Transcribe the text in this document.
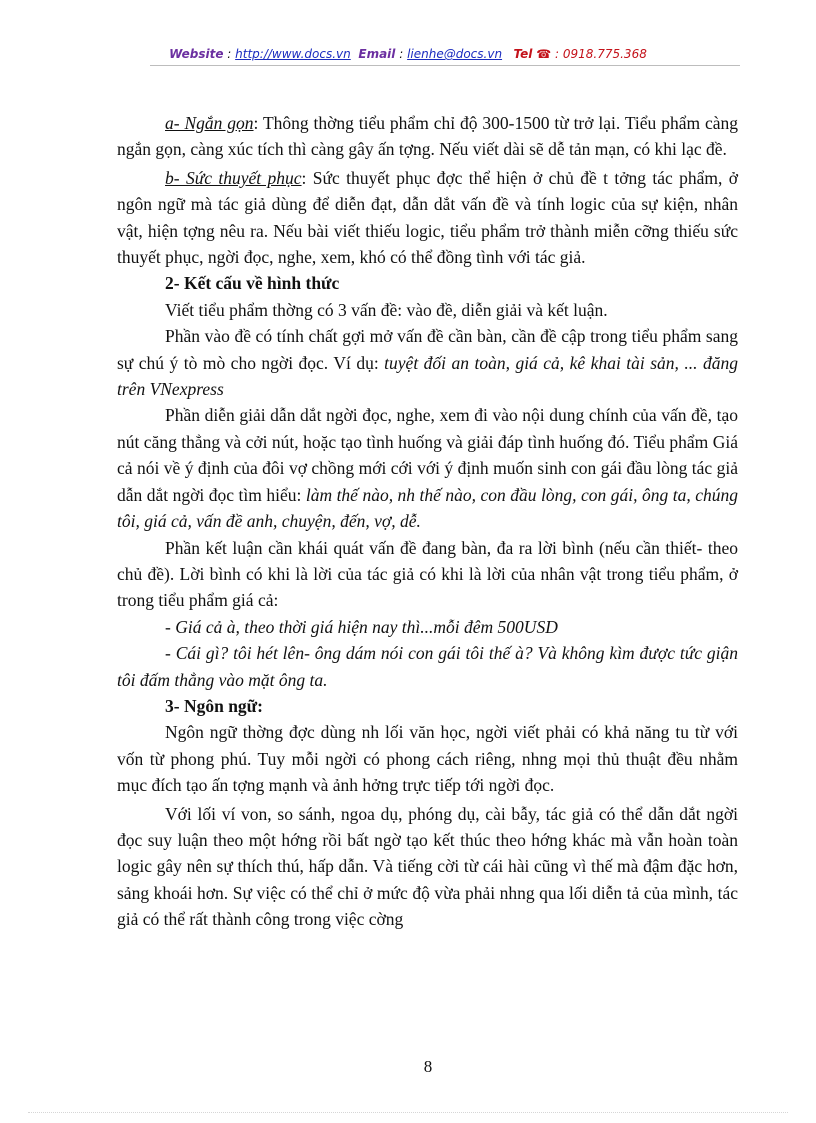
Website : http://www.docs.vn Email : lienhe@docs.vn Tel ☎ : 0918.775.368

a- Ngắn gọn: Thông thờng tiểu phẩm chỉ độ 300-1500 từ trở lại. Tiểu phẩm càng ngắn gọn, càng xúc tích thì càng gây ấn tợng. Nếu viết dài sẽ dễ tản mạn, có khi lạc đề.

b- Sức thuyết phục: Sức thuyết phục đợc thể hiện ở chủ đề t tởng tác phẩm, ở ngôn ngữ mà tác giả dùng để diễn đạt, dẫn dắt vấn đề và tính logic của sự kiện, nhân vật, hiện tợng nêu ra. Nếu bài viết thiếu logic, tiểu phẩm trở thành miễn cỡng thiếu sức thuyết phục, ngời đọc, nghe, xem, khó có thể đồng tình với tác giả.

2- Kết cấu về hình thức

Viết tiểu phẩm thờng có 3 vấn đề: vào đề, diễn giải và kết luận.

Phần vào đề có tính chất gợi mở vấn đề cần bàn, cần đề cập trong tiểu phẩm sang sự chú ý tò mò cho ngời đọc. Ví dụ: tuyệt đối an toàn, giá cả, kê khai tài sản, ... đăng trên VNexpress

Phần diễn giải dẫn dắt ngời đọc, nghe, xem đi vào nội dung chính của vấn đề, tạo nút căng thẳng và cởi nút, hoặc tạo tình huống và giải đáp tình huống đó. Tiểu phẩm Giá cả nói về ý định của đôi vợ chồng mới cới với ý định muốn sinh con gái đầu lòng tác giả dẫn dắt ngời đọc tìm hiểu: làm thế nào, nh thế nào, con đầu lòng, con gái, ông ta, chúng tôi, giá cả, vấn đề anh, chuyện, đến, vợ, dễ.

Phần kết luận cần khái quát vấn đề đang bàn, đa ra lời bình (nếu cần thiết- theo chủ đề). Lời bình có khi là lời của tác giả có khi là lời của nhân vật trong tiểu phẩm, ở trong tiểu phẩm giá cả:

- Giá cả à, theo thời giá hiện nay thì...mỗi đêm 500USD

- Cái gì? tôi hét lên- ông dám nói con gái tôi thế à? Và không kìm được tức giận tôi đấm thẳng vào mặt ông ta.

3- Ngôn ngữ:

Ngôn ngữ thờng đợc dùng nh lối văn học, ngời viết phải có khả năng tu từ với vốn từ phong phú. Tuy mỗi ngời có phong cách riêng, nhng mọi thủ thuật đều nhằm mục đích tạo ấn tợng mạnh và ảnh hởng trực tiếp tới ngời đọc.

Với lối ví von, so sánh, ngoa dụ, phóng dụ, cài bẫy, tác giả có thể dẫn dắt ngời đọc suy luận theo một hớng rồi bất ngờ tạo kết thúc theo hớng khác mà vẫn hoàn toàn logic gây nên sự thích thú, hấp dẫn. Và tiếng cời từ cái hài cũng vì thế mà đậm đặc hơn, sảng khoái hơn. Sự việc có thể chỉ ở mức độ vừa phải nhng qua lối diễn tả của mình, tác giả có thể rất thành công trong việc cờng

8
